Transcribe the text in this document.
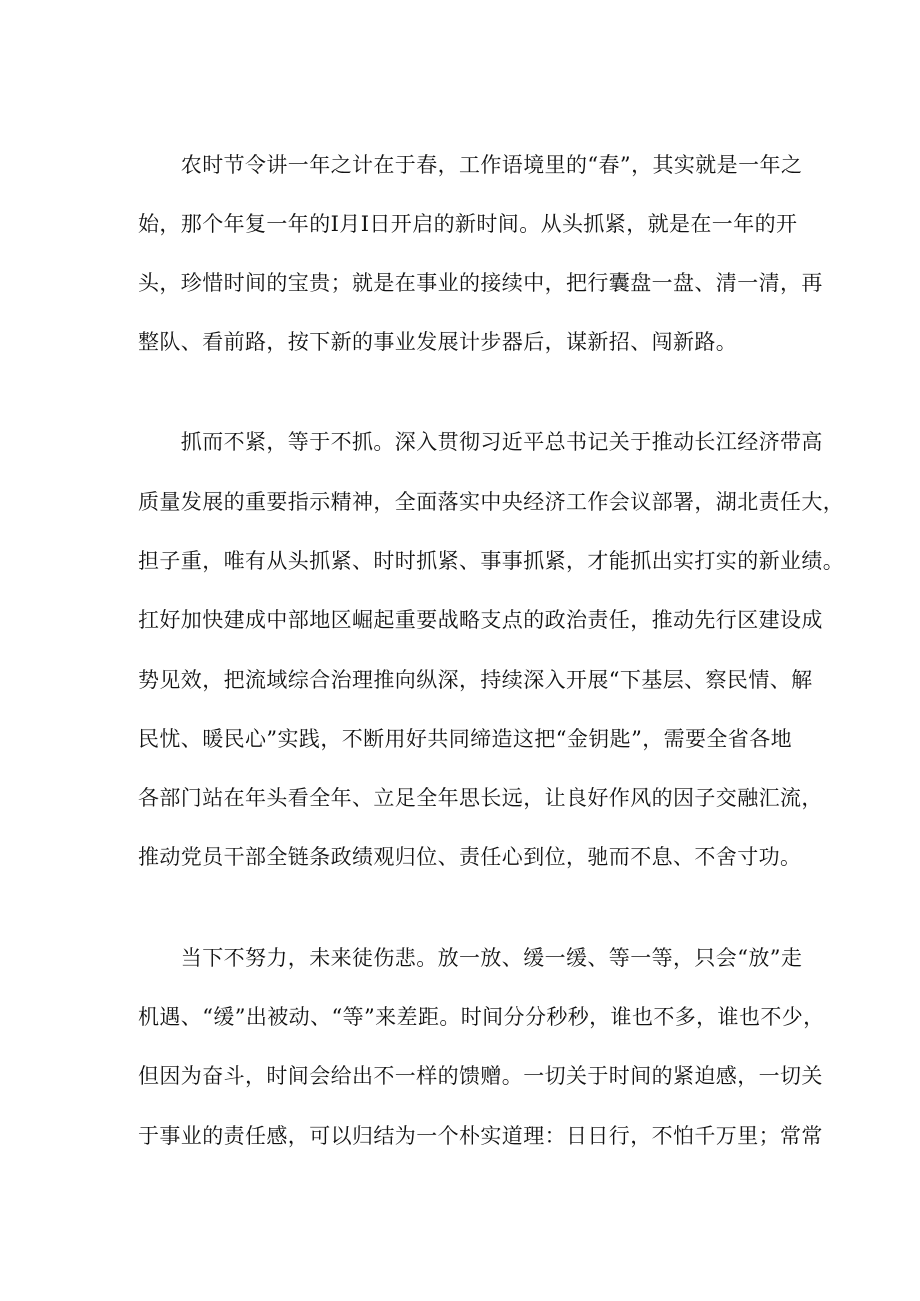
　　农时节令讲一年之计在于春，工作语境里的“春”，其实就是一年之
始，那个年复一年的Ⅰ月Ⅰ日开启的新时间。从头抓紧，就是在一年的开
头，珍惜时间的宝贵；就是在事业的接续中，把行囊盘一盘、清一清，再
整队、看前路，按下新的事业发展计步器后，谋新招、闯新路。
　　抓而不紧，等于不抓。深入贯彻习近平总书记关于推动长江经济带高
质量发展的重要指示精神，全面落实中央经济工作会议部署，湖北责任大，
担子重，唯有从头抓紧、时时抓紧、事事抓紧，才能抓出实打实的新业绩。
扛好加快建成中部地区崛起重要战略支点的政治责任，推动先行区建设成
势见效，把流域综合治理推向纵深，持续深入开展“下基层、察民情、解
民忧、暖民心”实践，不断用好共同缔造这把“金钥匙”，需要全省各地
各部门站在年头看全年、立足全年思长远，让良好作风的因子交融汇流，
推动党员干部全链条政绩观归位、责任心到位，驰而不息、不舍寸功。
　　当下不努力，未来徒伤悲。放一放、缓一缓、等一等，只会“放”走
机遇、“缓”出被动、“等”来差距。时间分分秒秒，谁也不多，谁也不少，
但因为奋斗，时间会给出不一样的馈赠。一切关于时间的紧迫感，一切关
于事业的责任感，可以归结为一个朴实道理：日日行，不怕千万里；常常
